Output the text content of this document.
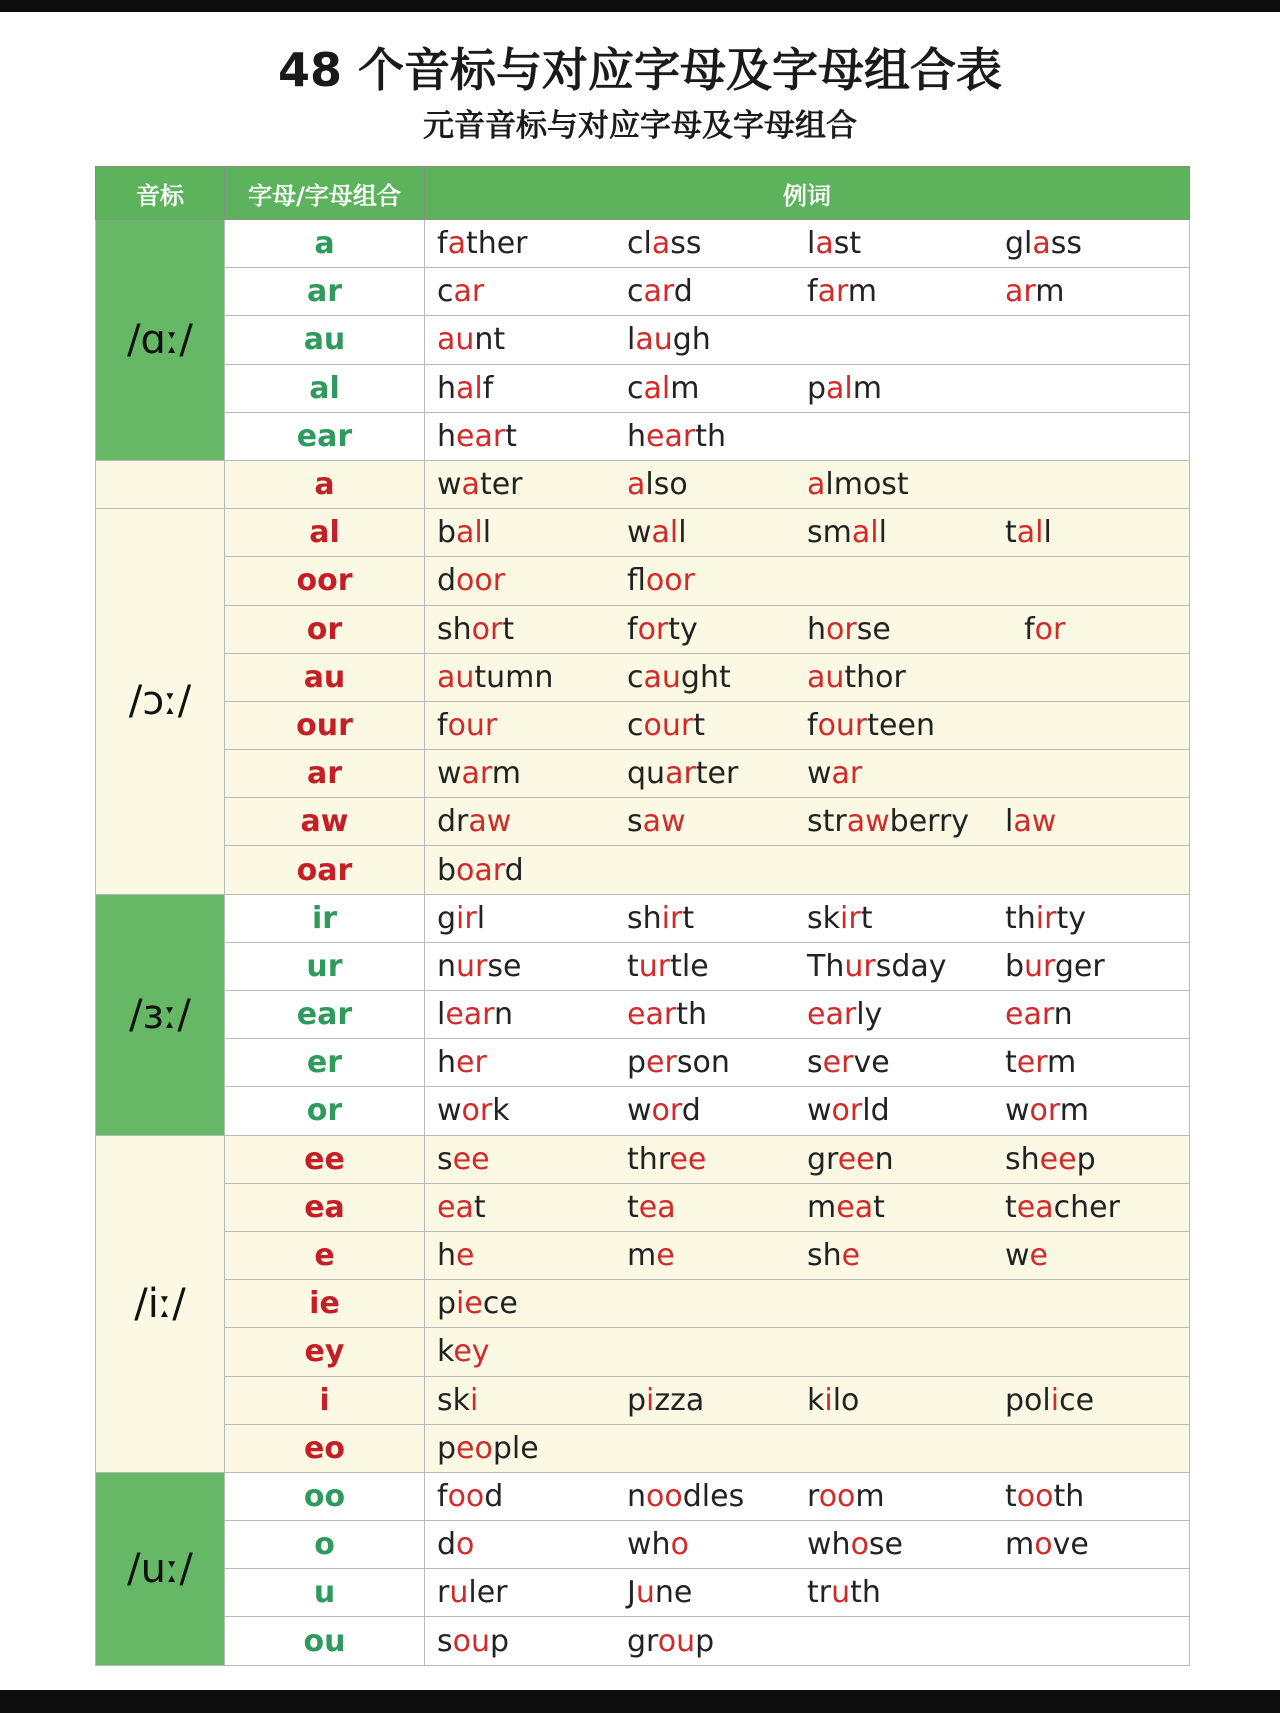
48 个音标与对应字母及字母组合表
元音音标与对应字母及字母组合
音标	字母/字母组合	例词
/ɑː/	a	father class last glass

	ar	car card farm arm

	au	aunt laugh

	al	half calm palm

	ear	heart hearth

	a	water also almost

/ɔː/	al	ball wall small tall

	oor	door floor

	or	short forty horse for

	au	autumn caught author

	our	four court fourteen

	ar	warm quarter war

	aw	draw saw strawberry law

	oar	board

/ɜː/	ir	girl shirt skirt thirty

	ur	nurse turtle Thursday burger

	ear	learn earth early earn

	er	her person serve term

	or	work word world worm

/iː/	ee	see three green sheep

	ea	eat tea meat teacher

	e	he me she we

	ie	piece

	ey	key

	i	ski pizza kilo police

	eo	people

/uː/	oo	food noodles room tooth

	o	do who whose move

	u	ruler June truth

	ou	soup group
